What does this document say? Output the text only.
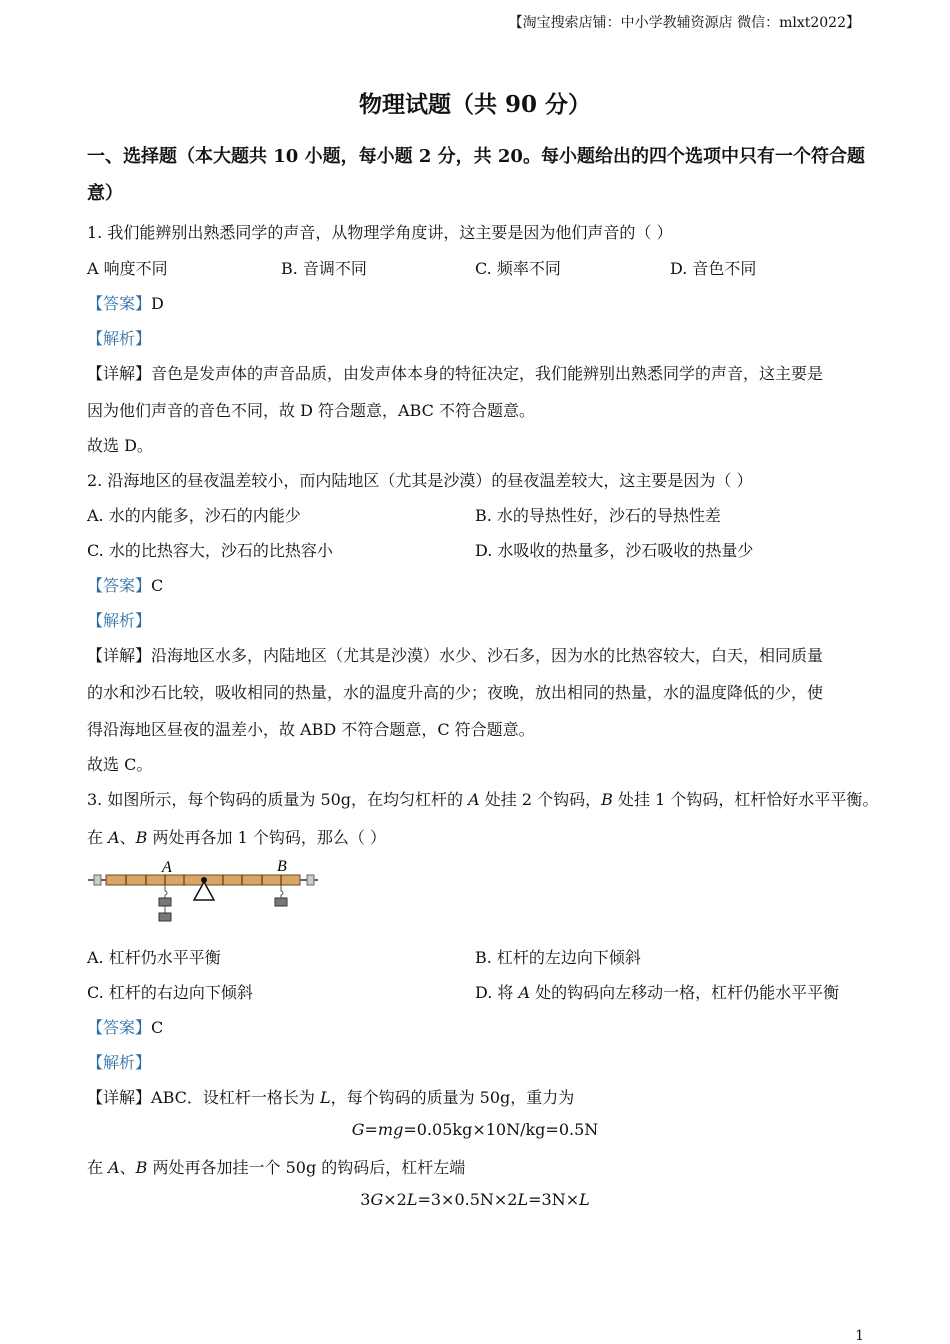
【淘宝搜索店铺：中小学教辅资源店 微信：mlxt2022】
物理试题（共 90 分）
一、选择题（本大题共 10 小题，每小题 2 分，共 20。每小题给出的四个选项中只有一个符合题意）
1. 我们能辨别出熟悉同学的声音，从物理学角度讲，这主要是因为他们声音的（ ）
A 响度不同	B. 音调不同	C. 频率不同	D. 音色不同
【答案】D
【解析】
【详解】音色是发声体的声音品质，由发声体本身的特征决定，我们能辨别出熟悉同学的声音，这主要是
因为他们声音的音色不同，故 D 符合题意，ABC 不符合题意。
故选 D。
2. 沿海地区的昼夜温差较小，而内陆地区（尤其是沙漠）的昼夜温差较大，这主要是因为（ ）
A. 水的内能多，沙石的内能少	B. 水的导热性好，沙石的导热性差
C. 水的比热容大，沙石的比热容小	D. 水吸收的热量多，沙石吸收的热量少
【答案】C
【解析】
【详解】沿海地区水多，内陆地区（尤其是沙漠）水少、沙石多，因为水的比热容较大，白天，相同质量
的水和沙石比较，吸收相同的热量，水的温度升高的少；夜晚，放出相同的热量，水的温度降低的少，使
得沿海地区昼夜的温差小，故 ABD 不符合题意，C 符合题意。
故选 C。
3. 如图所示，每个钩码的质量为 50g，在均匀杠杆的 A 处挂 2 个钩码，B 处挂 1 个钩码，杠杆恰好水平平衡。
在 A、B 两处再各加 1 个钩码，那么（ ）
A	B
A. 杠杆仍水平平衡	B. 杠杆的左边向下倾斜
C. 杠杆的右边向下倾斜	D. 将 A 处的钩码向左移动一格，杠杆仍能水平平衡
【答案】C
【解析】
【详解】ABC．设杠杆一格长为 L，每个钩码的质量为 50g，重力为
G=mg=0.05kg×10N/kg=0.5N
在 A、B 两处再各加挂一个 50g 的钩码后，杠杆左端
3G×2L=3×0.5N×2L=3N×L
1
